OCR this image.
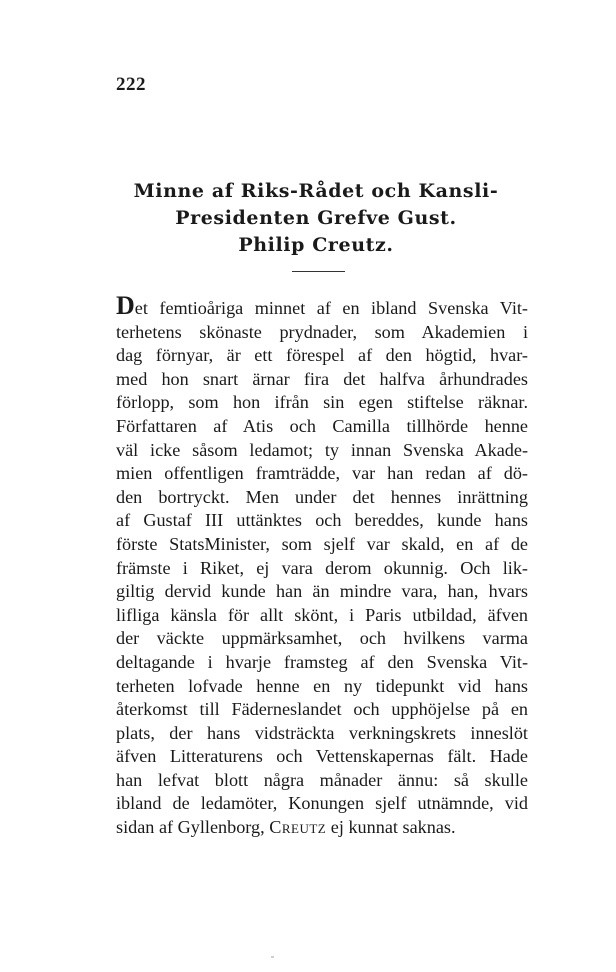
222
Minne af Riks-Rådet och Kansli-
Presidenten Grefve Gust.
Philip Creutz.
Det femtioåriga minnet af en ibland Svenska Vit-
terhetens skönaste prydnader, som Akademien i
dag förnyar, är ett förespel af den högtid, hvar-
med hon snart ärnar fira det halfva århundrades
förlopp, som hon ifrån sin egen stiftelse räknar.
Författaren af Atis och Camilla tillhörde henne
väl icke såsom ledamot; ty innan Svenska Akade-
mien offentligen framträdde, var han redan af dö-
den bortryckt. Men under det hennes inrättning
af Gustaf III uttänktes och bereddes, kunde hans
förste StatsMinister, som sjelf var skald, en af de
främste i Riket, ej vara derom okunnig. Och lik-
giltig dervid kunde han än mindre vara, han, hvars
lifliga känsla för allt skönt, i Paris utbildad, äfven
der väckte uppmärksamhet, och hvilkens varma
deltagande i hvarje framsteg af den Svenska Vit-
terheten lofvade henne en ny tidepunkt vid hans
återkomst till Fäderneslandet och upphöjelse på en
plats, der hans vidsträckta verkningskrets inneslöt
äfven Litteraturens och Vettenskapernas fält. Hade
han lefvat blott några månader ännu: så skulle
ibland de ledamöter, Konungen sjelf utnämnde, vid
sidan af Gyllenborg, Creutz ej kunnat saknas.
